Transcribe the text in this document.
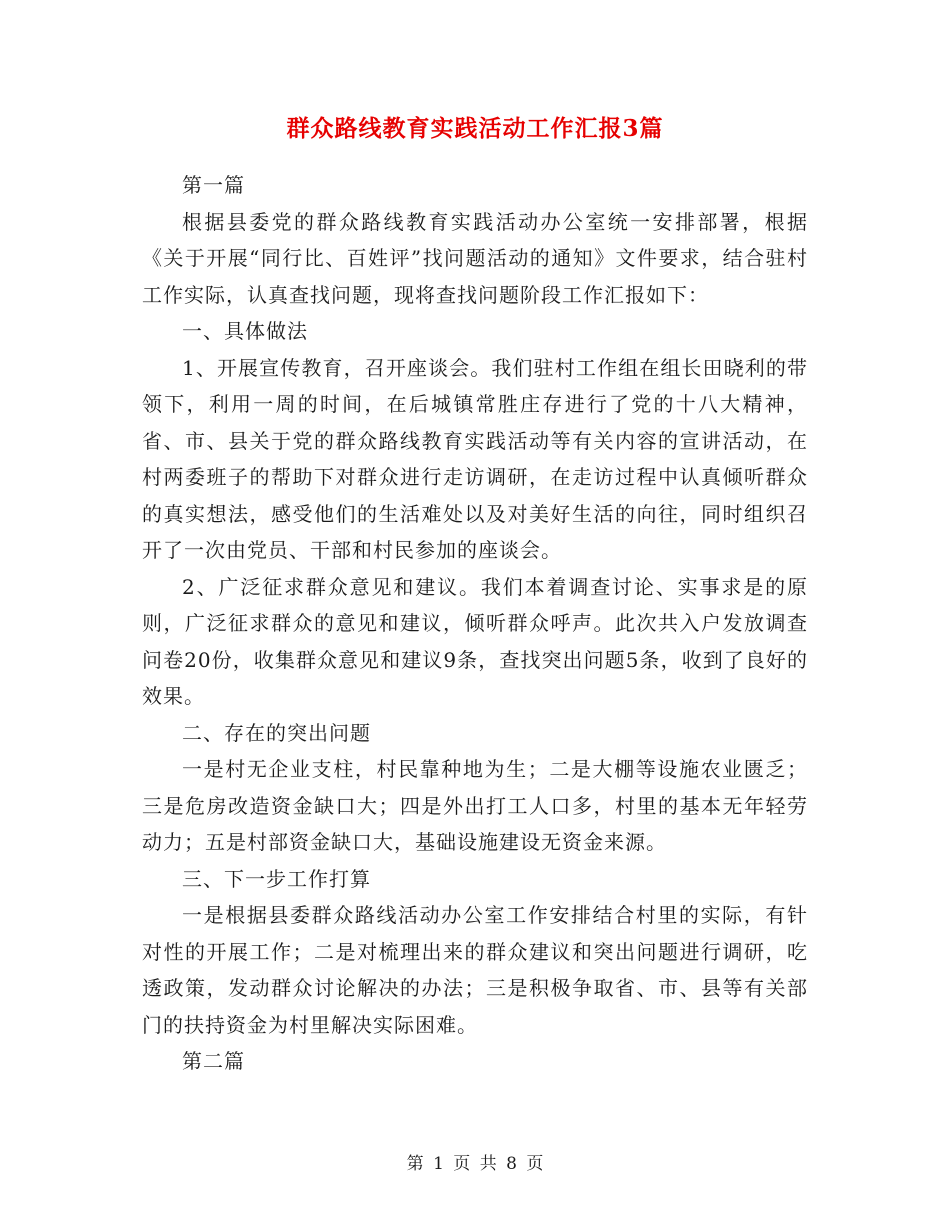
群众路线教育实践活动工作汇报3篇

第一篇

根据县委党的群众路线教育实践活动办公室统一安排部署，根据《关于开展“同行比、百姓评”找问题活动的通知》文件要求，结合驻村工作实际，认真查找问题，现将查找问题阶段工作汇报如下：

一、具体做法

1、开展宣传教育，召开座谈会。我们驻村工作组在组长田晓利的带领下，利用一周的时间，在后城镇常胜庄存进行了党的十八大精神，省、市、县关于党的群众路线教育实践活动等有关内容的宣讲活动，在村两委班子的帮助下对群众进行走访调研，在走访过程中认真倾听群众的真实想法，感受他们的生活难处以及对美好生活的向往，同时组织召开了一次由党员、干部和村民参加的座谈会。

2、广泛征求群众意见和建议。我们本着调查讨论、实事求是的原则，广泛征求群众的意见和建议，倾听群众呼声。此次共入户发放调查问卷20份，收集群众意见和建议9条，查找突出问题5条，收到了良好的效果。

二、存在的突出问题

一是村无企业支柱，村民靠种地为生；二是大棚等设施农业匮乏；三是危房改造资金缺口大；四是外出打工人口多，村里的基本无年轻劳动力；五是村部资金缺口大，基础设施建设无资金来源。

三、下一步工作打算

一是根据县委群众路线活动办公室工作安排结合村里的实际，有针对性的开展工作；二是对梳理出来的群众建议和突出问题进行调研，吃透政策，发动群众讨论解决的办法；三是积极争取省、市、县等有关部门的扶持资金为村里解决实际困难。

第二篇

第 1 页 共 8 页
